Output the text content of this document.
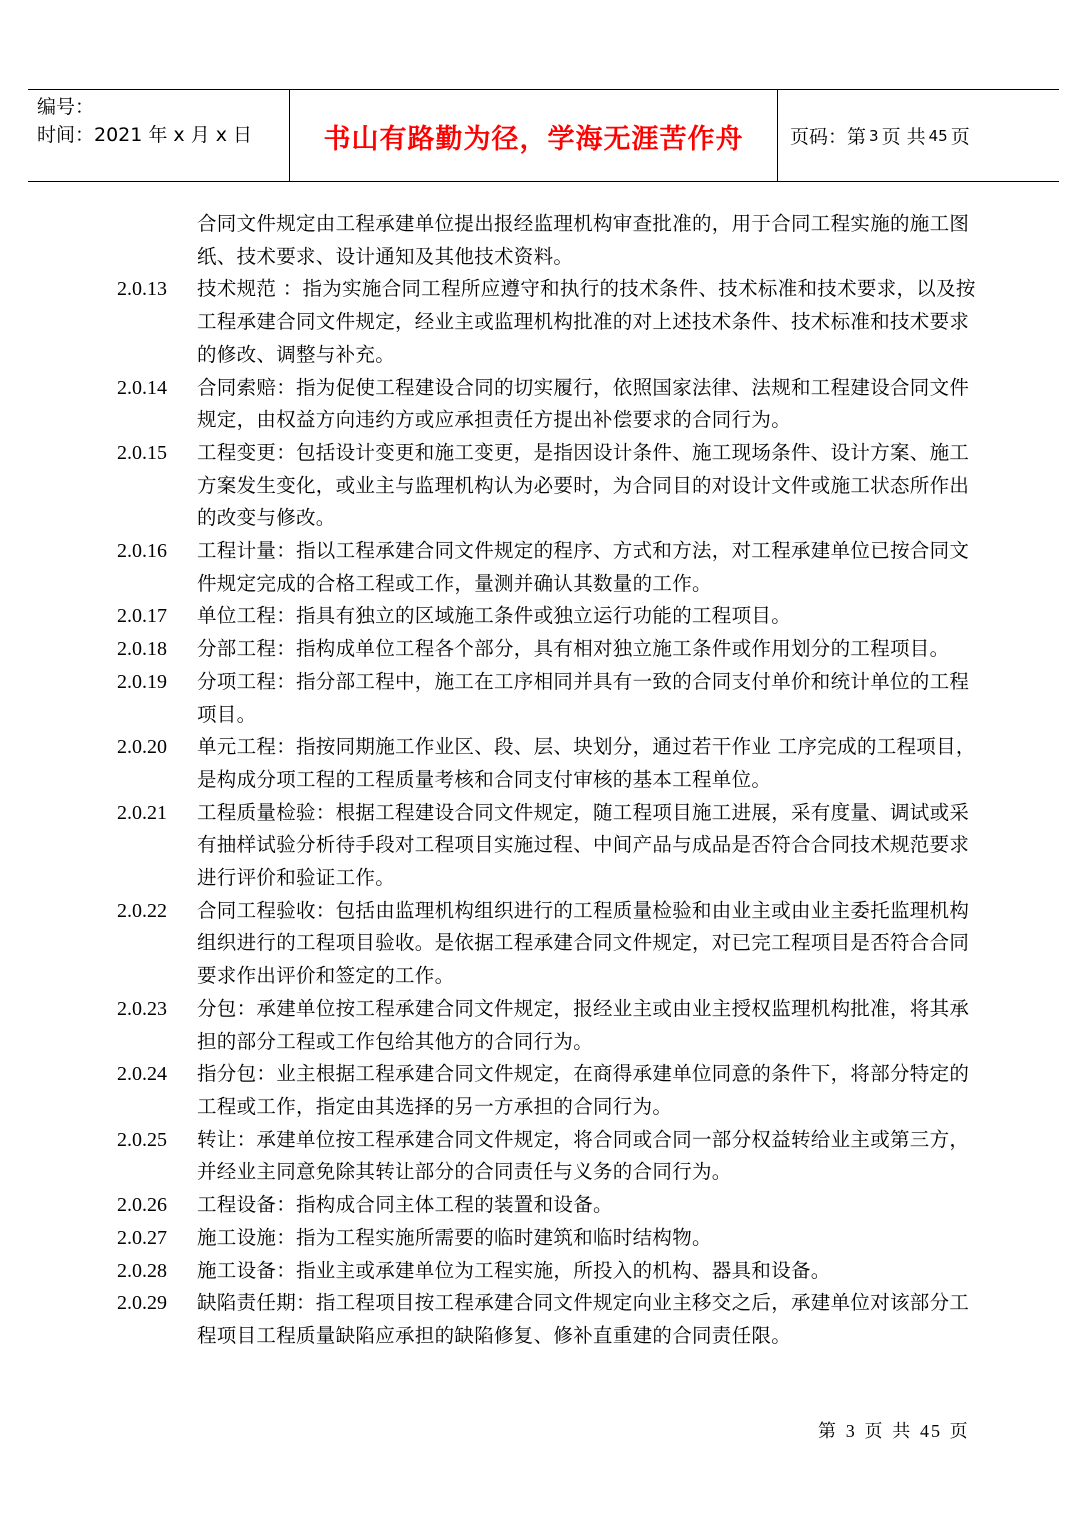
编号：
时间：2021 年 x 月 x 日	书山有路勤为径，学海无涯苦作舟 页码：第 3 页 共 45 页
合同文件规定由工程承建单位提出报经监理机构审查批准的，用于合同工程实施的施工图纸、技术要求、设计通知及其他技术资料。
2.0.13	技术规范 ：指为实施合同工程所应遵守和执行的技术条件、技术标准和技术要求，以及按工程承建合同文件规定，经业主或监理机构批准的对上述技术条件、技术标准和技术要求的修改、调整与补充。
2.0.14	合同索赔：指为促使工程建设合同的切实履行，依照国家法律、法规和工程建设合同文件规定，由权益方向违约方或应承担责任方提出补偿要求的合同行为。
2.0.15	工程变更：包括设计变更和施工变更，是指因设计条件、施工现场条件、设计方案、施工方案发生变化，或业主与监理机构认为必要时，为合同目的对设计文件或施工状态所作出的改变与修改。
2.0.16	工程计量：指以工程承建合同文件规定的程序、方式和方法，对工程承建单位已按合同文件规定完成的合格工程或工作，量测并确认其数量的工作。
2.0.17	单位工程：指具有独立的区域施工条件或独立运行功能的工程项目。
2.0.18	分部工程：指构成单位工程各个部分，具有相对独立施工条件或作用划分的工程项目。
2.0.19	分项工程：指分部工程中，施工在工序相同并具有一致的合同支付单价和统计单位的工程项目。
2.0.20	单元工程：指按同期施工作业区、段、层、块划分，通过若干作业 工序完成的工程项目，是构成分项工程的工程质量考核和合同支付审核的基本工程单位。
2.0.21	工程质量检验：根据工程建设合同文件规定，随工程项目施工进展，采有度量、调试或采有抽样试验分析待手段对工程项目实施过程、中间产品与成品是否符合合同技术规范要求进行评价和验证工作。
2.0.22	合同工程验收：包括由监理机构组织进行的工程质量检验和由业主或由业主委托监理机构组织进行的工程项目验收。是依据工程承建合同文件规定，对已完工程项目是否符合合同要求作出评价和签定的工作。
2.0.23	分包：承建单位按工程承建合同文件规定，报经业主或由业主授权监理机构批准，将其承担的部分工程或工作包给其他方的合同行为。
2.0.24	指分包：业主根据工程承建合同文件规定，在商得承建单位同意的条件下，将部分特定的工程或工作，指定由其选择的另一方承担的合同行为。
2.0.25	转让：承建单位按工程承建合同文件规定，将合同或合同一部分权益转给业主或第三方，并经业主同意免除其转让部分的合同责任与义务的合同行为。
2.0.26	工程设备：指构成合同主体工程的装置和设备。
2.0.27	施工设施：指为工程实施所需要的临时建筑和临时结构物。
2.0.28	施工设备：指业主或承建单位为工程实施，所投入的机构、器具和设备。
2.0.29	缺陷责任期：指工程项目按工程承建合同文件规定向业主移交之后，承建单位对该部分工程项目工程质量缺陷应承担的缺陷修复、修补直重建的合同责任限。
第 3 页 共 45 页
